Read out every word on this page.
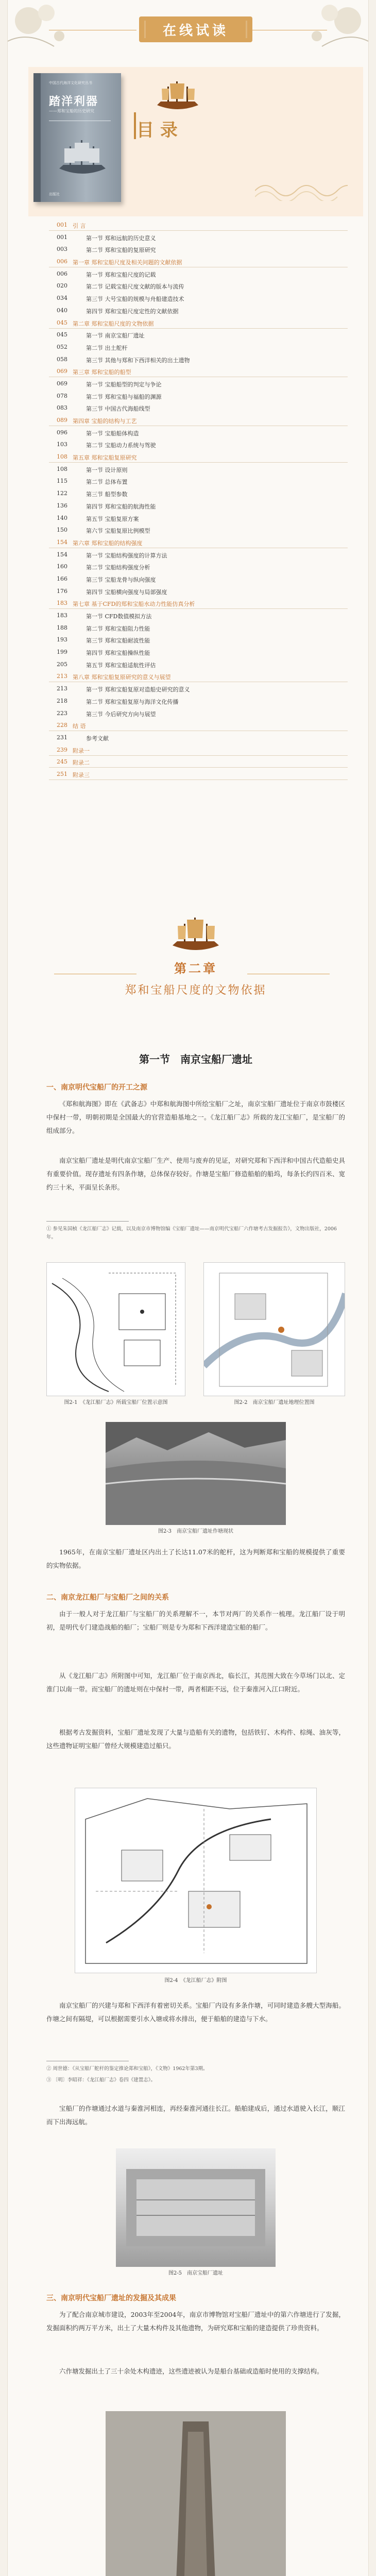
在线试读
中国古代海洋文化研究丛书
踏洋利器
——郑和宝船的历史研究
出版社
目 录
001 引 言
001	第一节 郑和远航的历史意义
003	第二节 郑和宝船的复原研究
006 第一章 郑和宝船尺度及相关问题的文献依据
006	第一节 郑和宝船尺度的记载
020	第二节 记载宝船尺度文献的版本与流传
034	第三节 大号宝船的规模与舟船建造技术
040	第四节 郑和宝船尺度定性的文献依据
045 第二章 郑和宝船尺度的文物依据
045	第一节 南京宝船厂遗址
052	第二节 出土舵杆
058	第三节 其他与郑和下西洋相关的出土遗物
069 第三章 郑和宝船的船型
069	第一节 宝船船型的判定与争论
078	第二节 郑和宝船与福船的渊源
083	第三节 中国古代海船线型
089 第四章 宝船的结构与工艺
096	第一节 宝船船体构造
103	第二节 宝船动力系统与驾驶
108 第五章 郑和宝船复原研究
108	第一节 设计原则
115	第二节 总体布置
122	第三节 船型参数
136	第四节 郑和宝船的航海性能
140	第五节 宝船复原方案
150	第六节 宝船复原比例模型
154 第六章 郑和宝船的结构强度
154	第一节 宝船结构强度的计算方法
160	第二节 宝船结构强度分析
166	第三节 宝船龙骨与纵向强度
176	第四节 宝船横向强度与局部强度
183 第七章 基于CFD的郑和宝船水动力性能仿真分析
183	第一节 CFD数值模拟方法
188	第二节 郑和宝船阻力性能
193	第三节 郑和宝船耐波性能
199	第四节 郑和宝船操纵性能
205	第五节 郑和宝船适航性评估
213 第八章 郑和宝船复原研究的意义与展望
213	第一节 郑和宝船复原对造船史研究的意义
218	第二节 郑和宝船复原与海洋文化传播
223	第三节 今后研究方向与展望
228 结 语
231	参考文献
239 附录一
245 附录二
251 附录三
第二章
郑和宝船尺度的文物依据
第一节　南京宝船厂遗址
一、南京明代宝船厂的开工之源
《郑和航海图》即在《武备志》中郑和航海图中所绘宝船厂之址，南京宝船厂遗址位于南京市鼓楼区中保村一带，明朝初期是全国最大的官营造船基地之一。《龙江船厂志》所载的龙江宝船厂，是宝船厂的组成部分。
南京宝船厂遗址是明代南京宝船厂生产、使用与废弃的见证，对研究郑和下西洋和中国古代造船史具有重要价值。现存遗址有四条作塘，总体保存较好。作塘是宝船厂修造船舶的船坞，每条长约四百米、宽约三十米，平面呈长条形。
① 参见朱国桢《龙江船厂志》记载，以及南京市博物馆编《宝船厂遗址——南京明代宝船厂六作塘考古发掘报告》，文物出版社，2006年。
图2-1　《龙江船厂志》所载宝船厂位置示意图	图2-2　南京宝船厂遗址地理位置图
图2-3　南京宝船厂遗址作塘现状
1965年，在南京宝船厂遗址区内出土了长达11.07米的舵杆，这为判断郑和宝船的规模提供了重要的实物依据。
二、南京龙江船厂与宝船厂之间的关系
由于一般人对于龙江船厂与宝船厂的关系理解不一，本节对两厂的关系作一梳理。龙江船厂设于明初，是明代专门建造战船的船厂；宝船厂则是专为郑和下西洋建造宝船的船厂。
从《龙江船厂志》所附图中可知，龙江船厂位于南京西北，临长江，其范围大致在今草场门以北、定淮门以南一带。而宝船厂的遗址则在中保村一带，两者相距不远，位于秦淮河入江口附近。
根据考古发掘资料，宝船厂遗址发现了大量与造船有关的遗物，包括铁钉、木构件、棕绳、油灰等，这些遗物证明宝船厂曾经大规模建造过船只。
图2-4　《龙江船厂志》附图
南京宝船厂的兴建与郑和下西洋有着密切关系。宝船厂内设有多条作塘，可同时建造多艘大型海船。作塘之间有隔堤，可以根据需要引水入塘或将水排出，便于船舶的建造与下水。
② 周世德：《从宝船厂舵杆的鉴定推论郑和宝船》，《文物》1962年第3期。
③ 〔明〕李昭祥：《龙江船厂志》卷四《建置志》。
宝船厂的作塘通过水道与秦淮河相连，再经秦淮河通往长江。船舶建成后，通过水道驶入长江，顺江而下出海远航。
图2-5　南京宝船厂遗址
三、南京明代宝船厂遗址的发掘及其成果
为了配合南京城市建设，2003年至2004年，南京市博物馆对宝船厂遗址中的第六作塘进行了发掘，发掘面积约两万平方米，出土了大量木构件及其他遗物，为研究郑和宝船的建造提供了珍贵资料。
六作塘发掘出土了三十余处木构遗迹，这些遗迹被认为是船台基础或造船时使用的支撑结构。
